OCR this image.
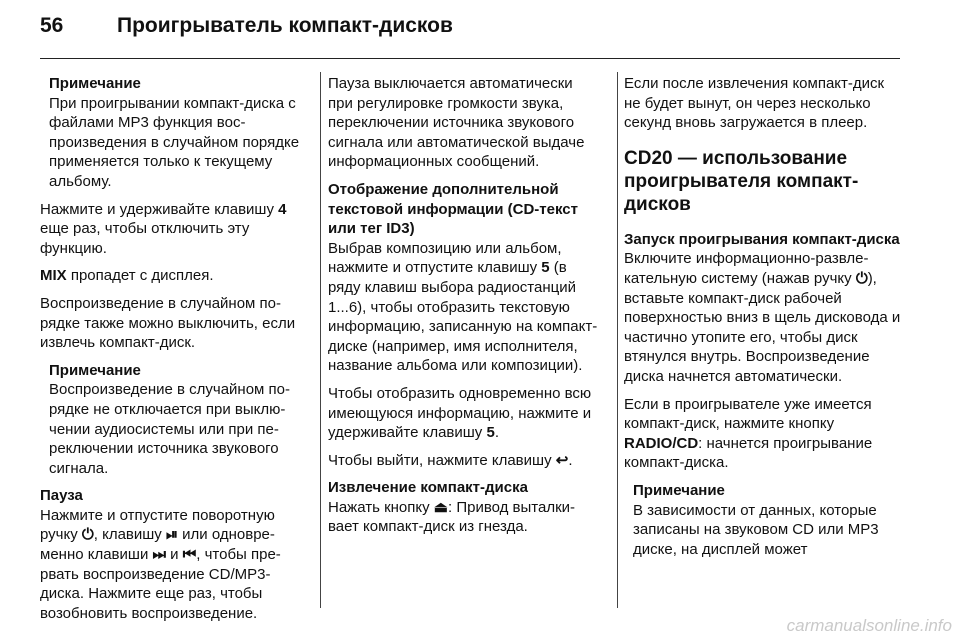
56	Проигрыватель компакт-дисков
Примечание
При проигрывании компакт-диска с файлами MP3 функция воспроизведения в случайном порядке применяется только к текущему альбому.

Нажмите и удерживайте клавишу 4 еще раз, чтобы отключить эту функцию.

MIX пропадет с дисплея.

Воспроизведение в случайном порядке также можно выключить, если извлечь компакт-диск.

Примечание
Воспроизведение в случайном порядке не отключается при выключении аудиосистемы или при переключении источника звукового сигнала.

Пауза
Нажмите и отпустите поворотную ручку ⏻, клавишу ⏯ или одновременно клавиши ⏭ и ⏮, чтобы прервать воспроизведение CD/MP3-диска. Нажмите еще раз, чтобы возобновить воспроизведение.

Пауза выключается автоматически при регулировке громкости звука, переключении источника звукового сигнала или автоматической выдаче информационных сообщений.

Отображение дополнительной текстовой информации (CD-текст или тег ID3)
Выбрав композицию или альбом, нажмите и отпустите клавишу 5 (в ряду клавиш выбора радиостанций 1...6), чтобы отобразить текстовую информацию, записанную на компакт-диске (например, имя исполнителя, название альбома или композиции).

Чтобы отобразить одновременно всю имеющуюся информацию, нажмите и удерживайте клавишу 5.

Чтобы выйти, нажмите клавишу ↩.

Извлечение компакт-диска
Нажать кнопку ⏏: Привод выталкивает компакт-диск из гнезда.

Если после извлечения компакт-диск не будет вынут, он через несколько секунд вновь загружается в плеер.

CD20 — использование проигрывателя компакт-дисков

Запуск проигрывания компакт-диска
Включите информационно-развлекательную систему (нажав ручку ⏻), вставьте компакт-диск рабочей поверхностью вниз в щель дисковода и частично утопите его, чтобы диск втянулся внутрь. Воспроизведение диска начнется автоматически.

Если в проигрывателе уже имеется компакт-диск, нажмите кнопку RADIO/CD: начнется проигрывание компакт-диска.

Примечание
В зависимости от данных, которые записаны на звуковом CD или MP3 диске, на дисплей может
carmanualsonline.info
